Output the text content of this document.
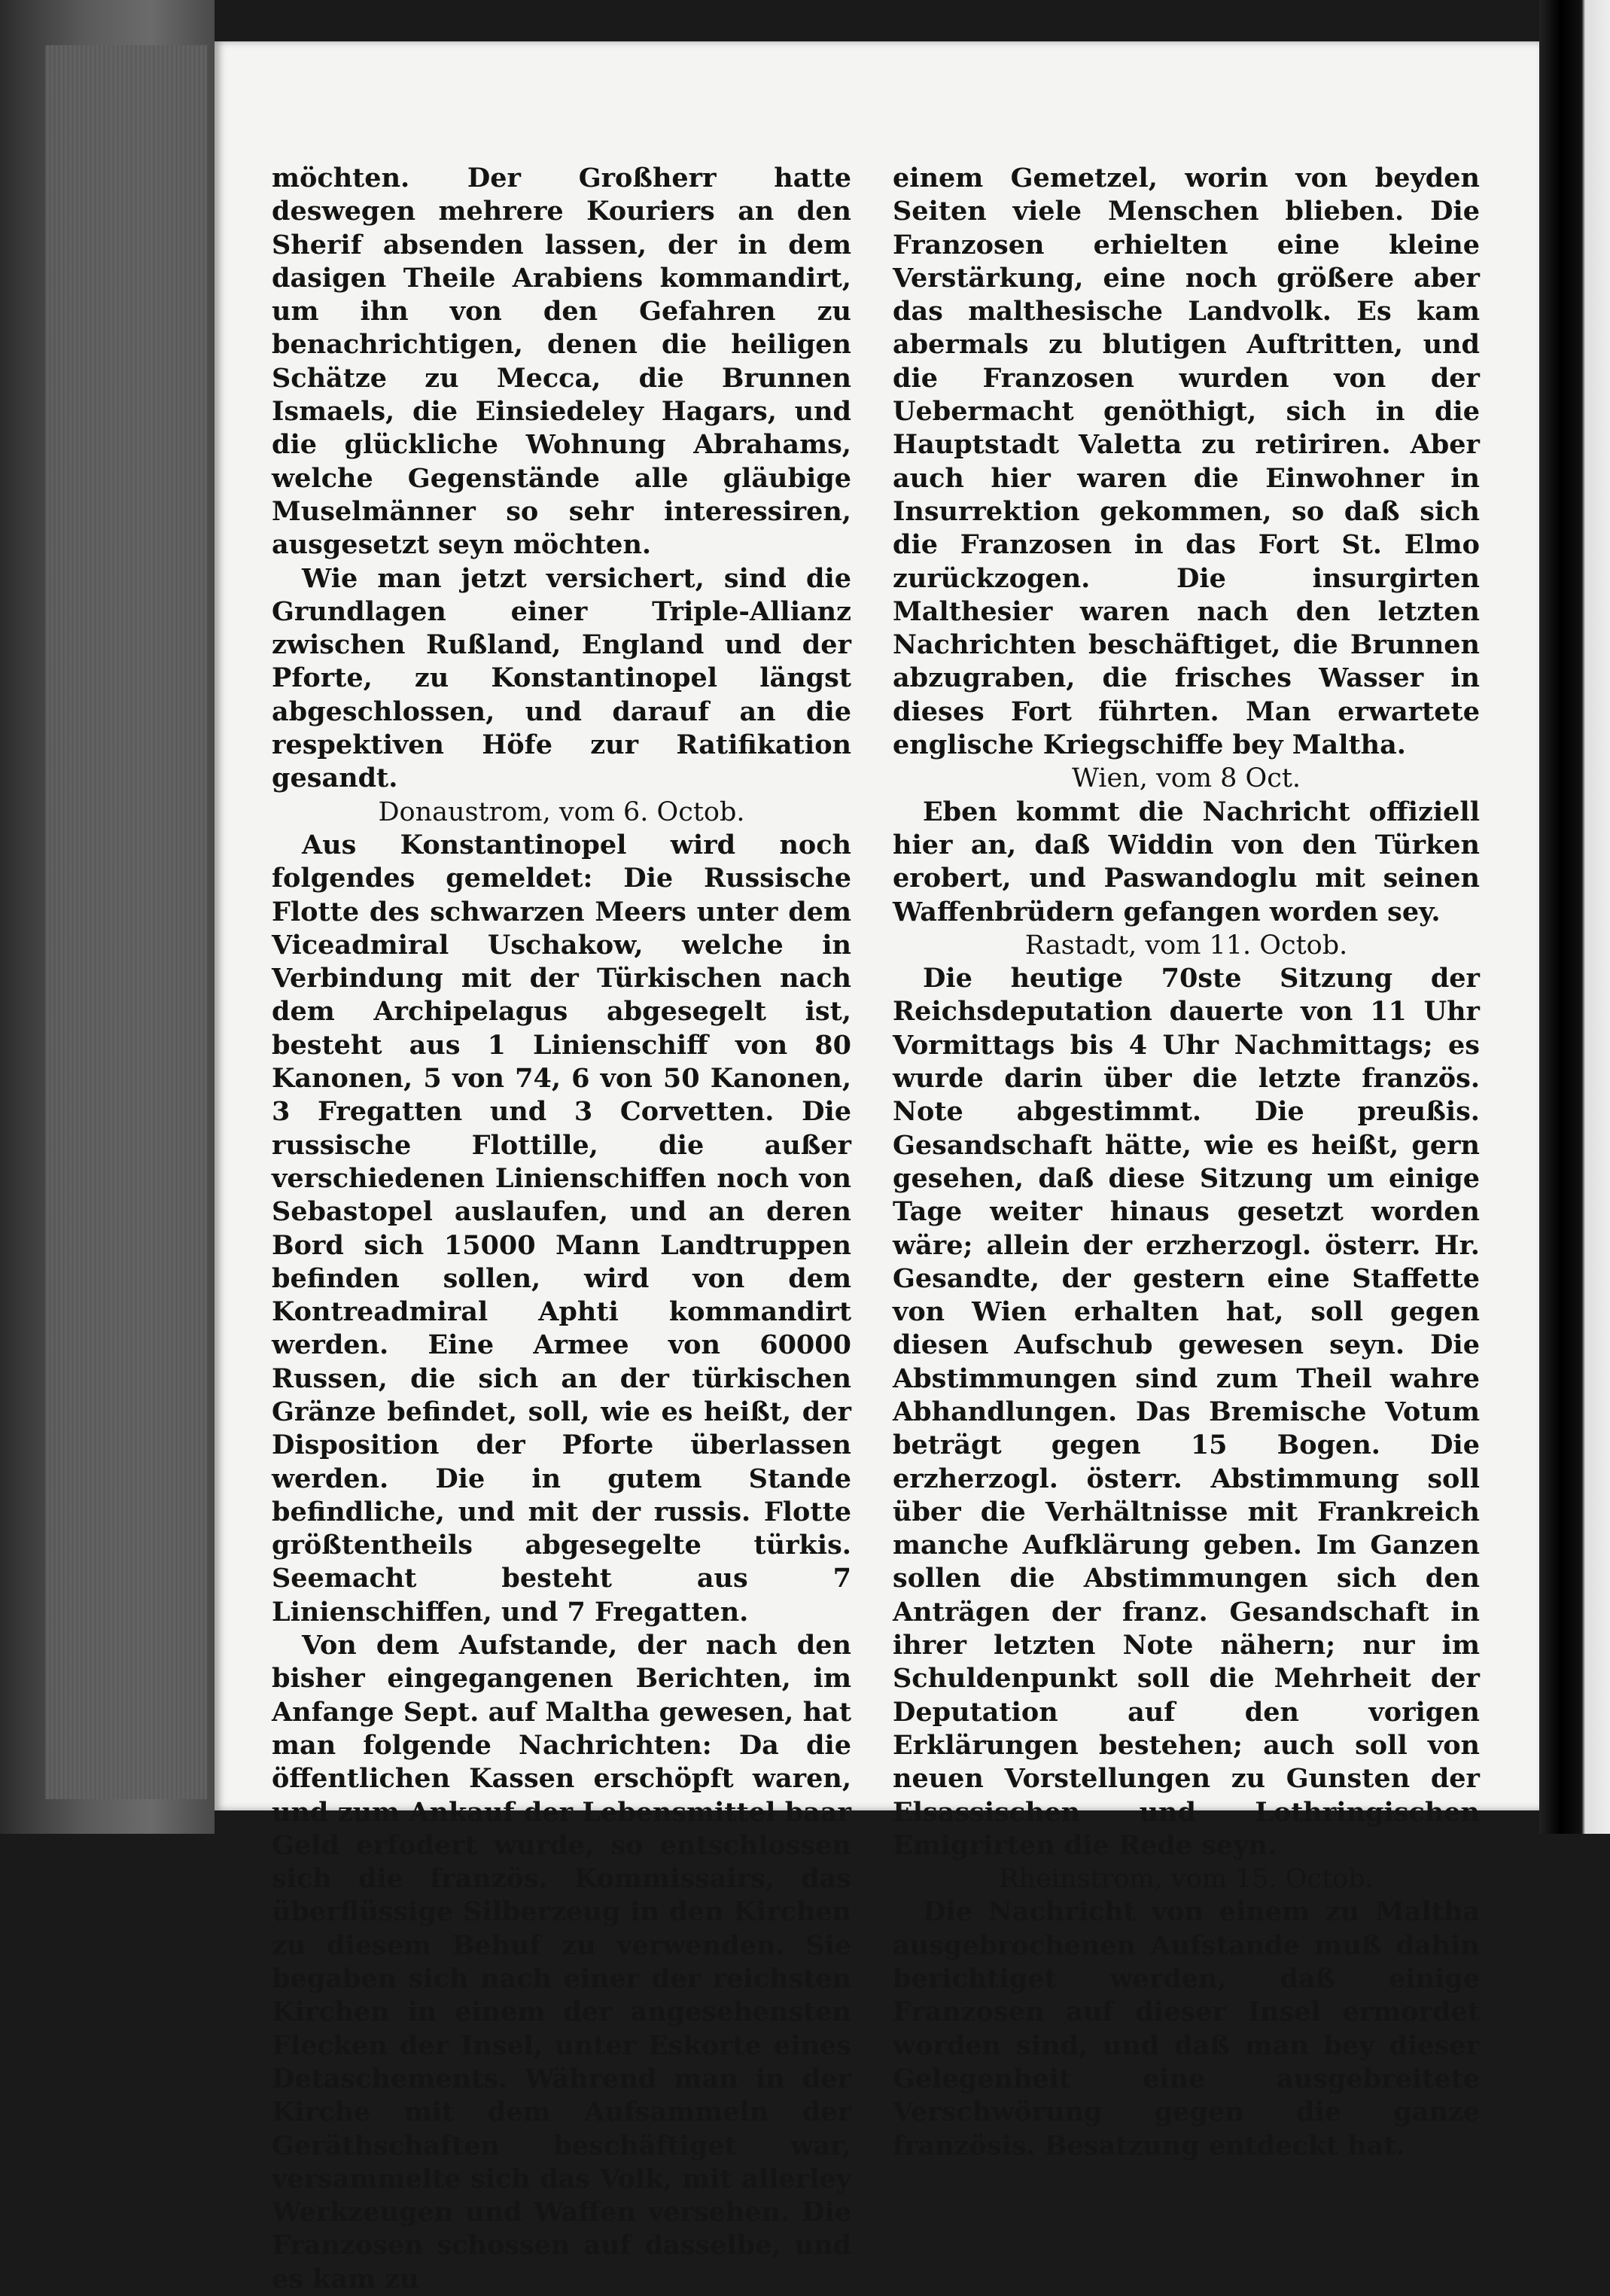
möchten. Der Großherr hatte deswegen mehrere Kouriers an den Sherif absenden lassen, der in dem dasigen Theile Arabiens kommandirt, um ihn von den Gefahren zu benachrichtigen, denen die heiligen Schätze zu Mecca, die Brunnen Ismaels, die Einsiedeley Hagars, und die glückliche Wohnung Abrahams, welche Gegenstände alle gläubige Muselmänner so sehr interessiren, ausgesetzt seyn möchten.

Wie man jetzt versichert, sind die Grundlagen einer Triple-Allianz zwischen Rußland, England und der Pforte, zu Konstantinopel längst abgeschlossen, und darauf an die respektiven Höfe zur Ratifikation gesandt.

Donaustrom, vom 6. Octob.

Aus Konstantinopel wird noch folgendes gemeldet: Die Russische Flotte des schwarzen Meers unter dem Viceadmiral Uschakow, welche in Verbindung mit der Türkischen nach dem Archipelagus abgesegelt ist, besteht aus 1 Linienschiff von 80 Kanonen, 5 von 74, 6 von 50 Kanonen, 3 Fregatten und 3 Corvetten. Die russische Flottille, die außer verschiedenen Linienschiffen noch von Sebastopel auslaufen, und an deren Bord sich 15000 Mann Landtruppen befinden sollen, wird von dem Kontreadmiral Aphti kommandirt werden. Eine Armee von 60000 Russen, die sich an der türkischen Gränze befindet, soll, wie es heißt, der Disposition der Pforte überlassen werden. Die in gutem Stande befindliche, und mit der russis. Flotte größtentheils abgesegelte türkis. Seemacht besteht aus 7 Linienschiffen, und 7 Fregatten.

Von dem Aufstande, der nach den bisher eingegangenen Berichten, im Anfange Sept. auf Maltha gewesen, hat man folgende Nachrichten: Da die öffentlichen Kassen erschöpft waren, und zum Ankauf der Lebensmittel baar Geld erfodert wurde, so entschlossen sich die französ. Kommissairs, das überflüssige Silberzeug in den Kirchen zu diesem Behuf zu verwenden. Sie begaben sich nach einer der reichsten Kirchen in einem der angesehensten Flecken der Insel, unter Eskorte eines Detaschements. Während man in der Kirche mit dem Aufsammeln der Geräthschaften beschäftiget war, versammelte sich das Volk, mit allerley Werkzeugen und Waffen versehen. Die Franzosen schossen auf dasselbe, und es kam zu

einem Gemetzel, worin von beyden Seiten viele Menschen blieben. Die Franzosen erhielten eine kleine Verstärkung, eine noch größere aber das malthesische Landvolk. Es kam abermals zu blutigen Auftritten, und die Franzosen wurden von der Uebermacht genöthigt, sich in die Hauptstadt Valetta zu retiriren. Aber auch hier waren die Einwohner in Insurrektion gekommen, so daß sich die Franzosen in das Fort St. Elmo zurückzogen. Die insurgirten Malthesier waren nach den letzten Nachrichten beschäftiget, die Brunnen abzugraben, die frisches Wasser in dieses Fort führten. Man erwartete englische Kriegschiffe bey Maltha.

Wien, vom 8 Oct.

Eben kommt die Nachricht offiziell hier an, daß Widdin von den Türken erobert, und Paswandoglu mit seinen Waffenbrüdern gefangen worden sey.

Rastadt, vom 11. Octob.

Die heutige 70ste Sitzung der Reichsdeputation dauerte von 11 Uhr Vormittags bis 4 Uhr Nachmittags; es wurde darin über die letzte französ. Note abgestimmt. Die preußis. Gesandschaft hätte, wie es heißt, gern gesehen, daß diese Sitzung um einige Tage weiter hinaus gesetzt worden wäre; allein der erzherzogl. österr. Hr. Gesandte, der gestern eine Staffette von Wien erhalten hat, soll gegen diesen Aufschub gewesen seyn. Die Abstimmungen sind zum Theil wahre Abhandlungen. Das Bremische Votum beträgt gegen 15 Bogen. Die erzherzogl. österr. Abstimmung soll über die Verhältnisse mit Frankreich manche Aufklärung geben. Im Ganzen sollen die Abstimmungen sich den Anträgen der franz. Gesandschaft in ihrer letzten Note nähern; nur im Schuldenpunkt soll die Mehrheit der Deputation auf den vorigen Erklärungen bestehen; auch soll von neuen Vorstellungen zu Gunsten der Elsassischen und Lothringischen Emigrirten die Rede seyn.

Rheinstrom, vom 15. Octob.

Die Nachricht von einem zu Maltha ausgebrochenen Aufstande muß dahin berichtiget werden, daß einige Franzosen auf dieser Insel ermordet worden sind, und daß man bey dieser Gelegenheit eine ausgebreitete Verschwörung gegen die ganze französis. Besatzung entdeckt hat.
